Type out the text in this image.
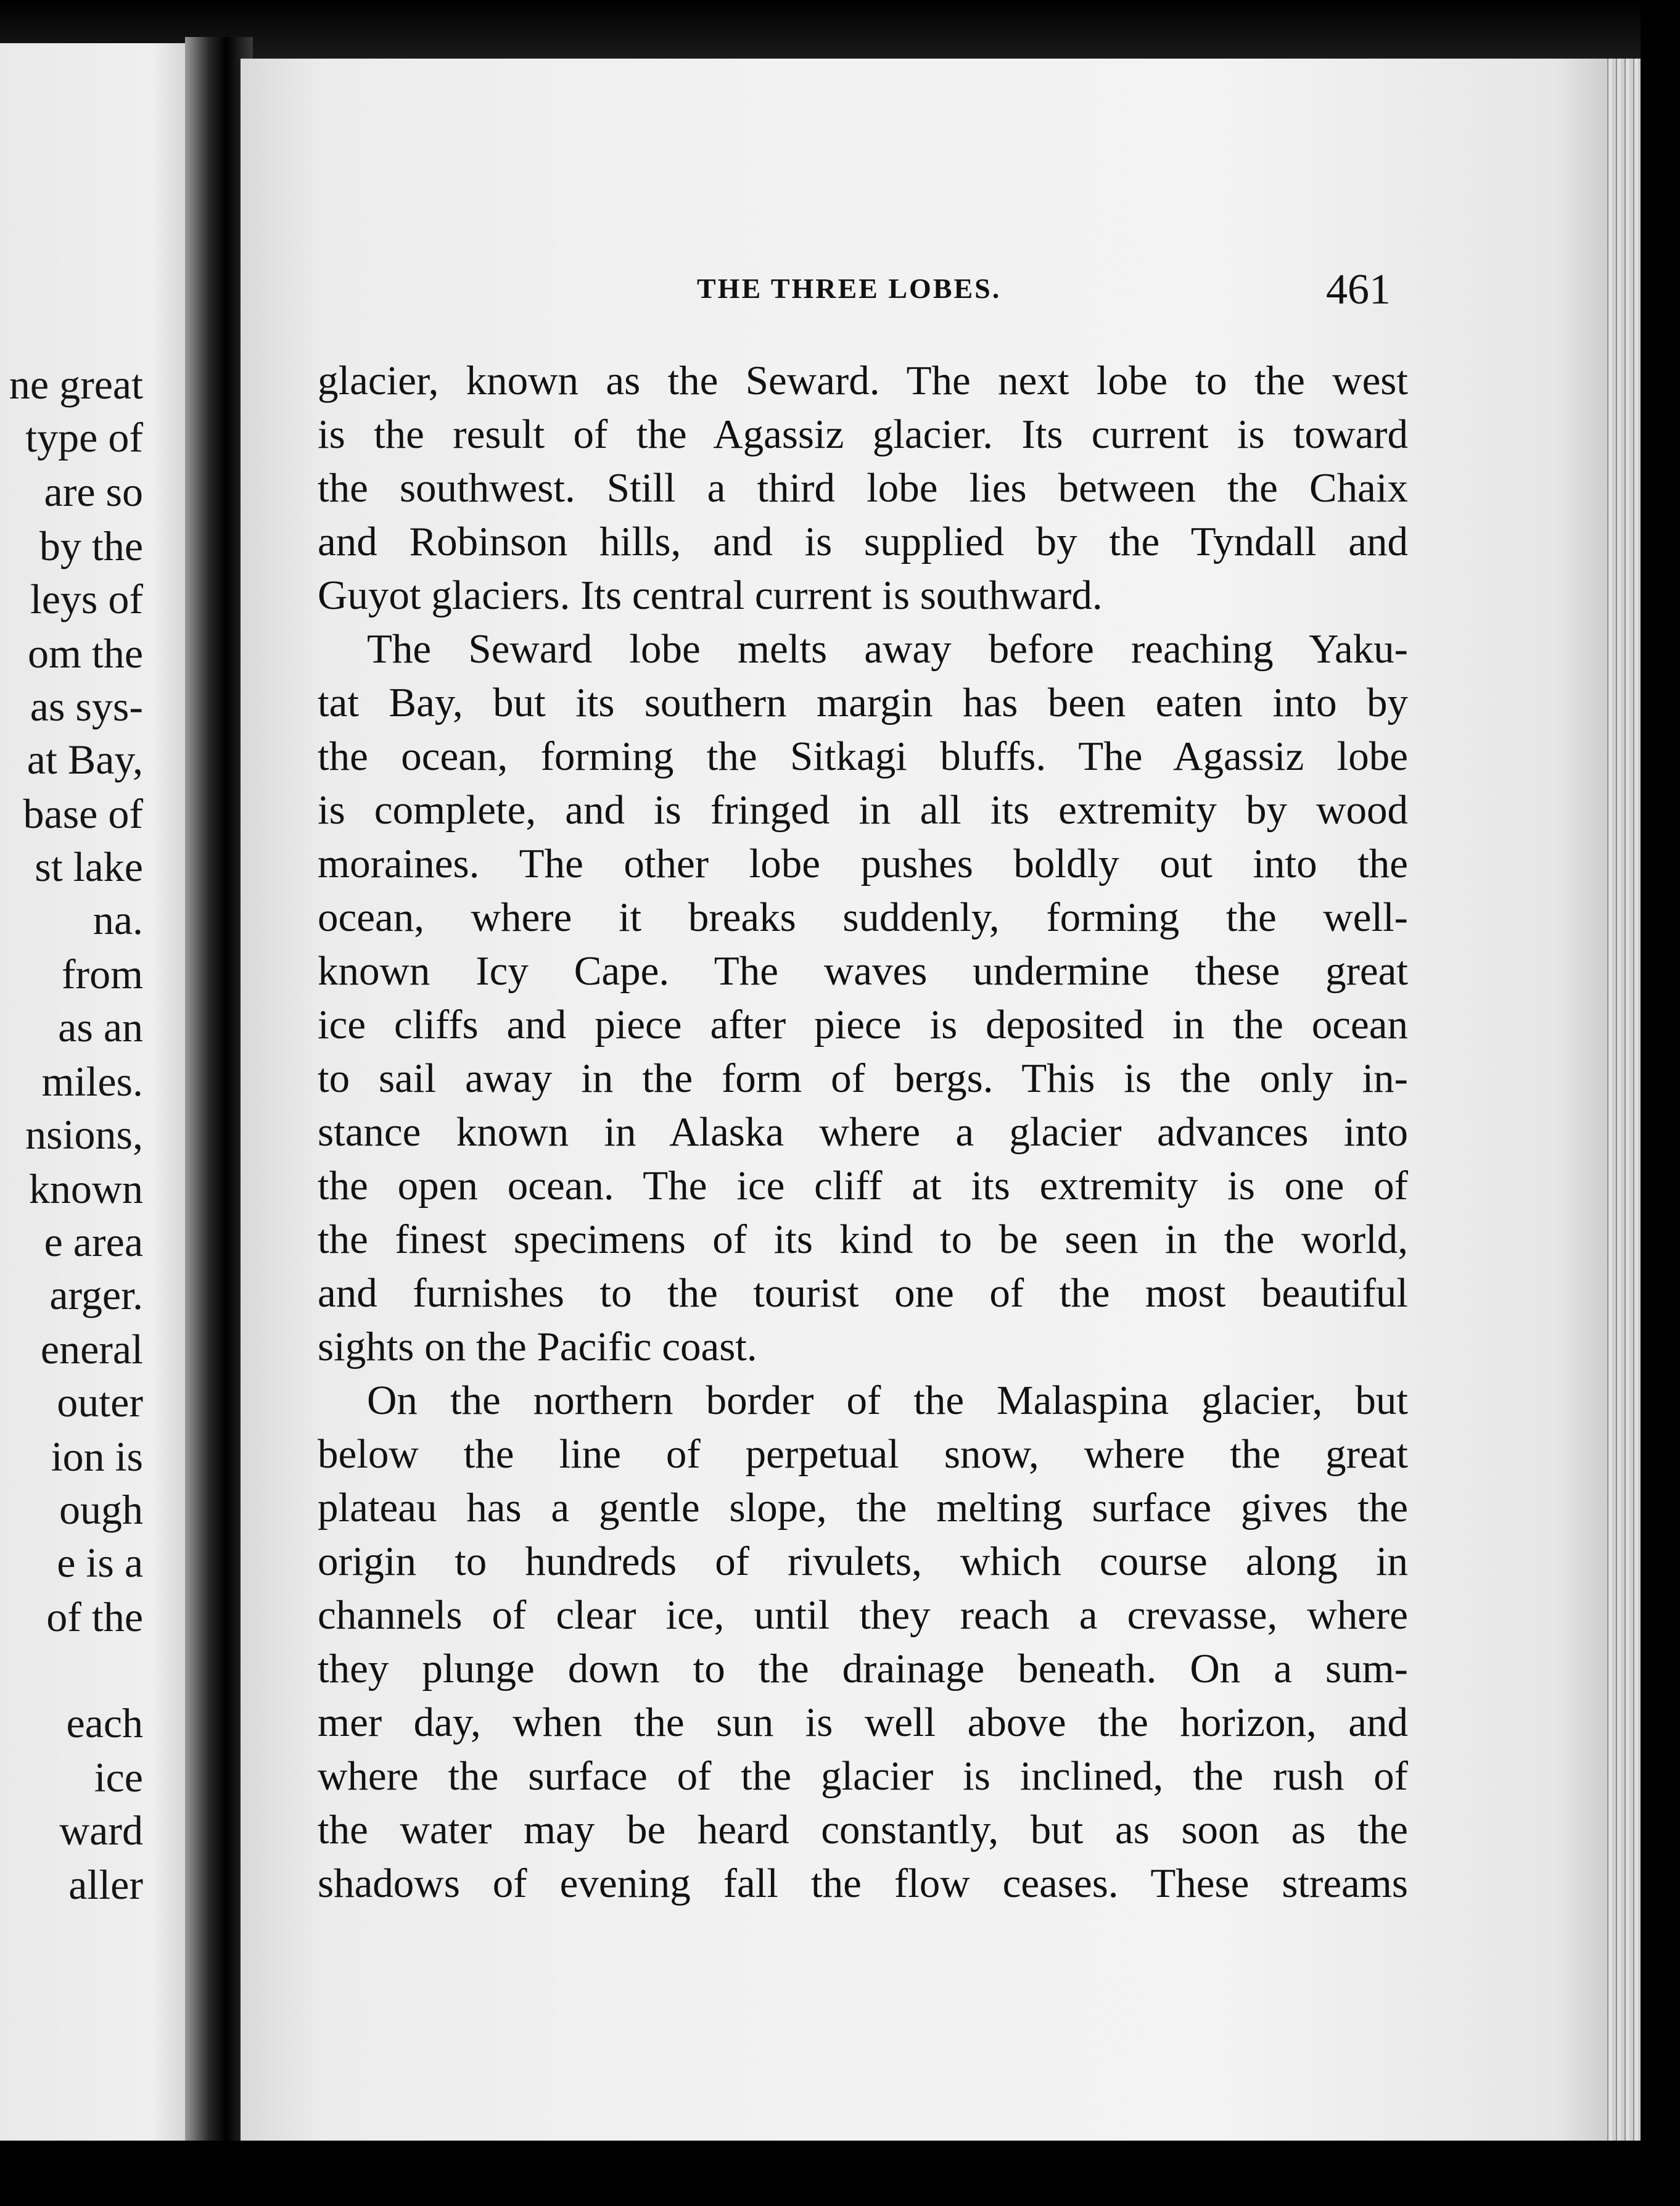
ne great
type of
are so
by the
leys of
om the
as sys-
at Bay,
base of
st lake
na.
from
as an
miles.
nsions,
known
e area
arger.
eneral
outer
ion is
ough
e is a
of the
each
ice
ward
aller
THE THREE LOBES.	461
glacier, known as the Seward. The next lobe to the west
is the result of the Agassiz glacier. Its current is toward
the southwest. Still a third lobe lies between the Chaix
and Robinson hills, and is supplied by the Tyndall and
Guyot glaciers. Its central current is southward.
The Seward lobe melts away before reaching Yaku-
tat Bay, but its southern margin has been eaten into by
the ocean, forming the Sitkagi bluffs. The Agassiz lobe
is complete, and is fringed in all its extremity by wood
moraines. The other lobe pushes boldly out into the
ocean, where it breaks suddenly, forming the well-
known Icy Cape. The waves undermine these great
ice cliffs and piece after piece is deposited in the ocean
to sail away in the form of bergs. This is the only in-
stance known in Alaska where a glacier advances into
the open ocean. The ice cliff at its extremity is one of
the finest specimens of its kind to be seen in the world,
and furnishes to the tourist one of the most beautiful
sights on the Pacific coast.
On the northern border of the Malaspina glacier, but
below the line of perpetual snow, where the great
plateau has a gentle slope, the melting surface gives the
origin to hundreds of rivulets, which course along in
channels of clear ice, until they reach a crevasse, where
they plunge down to the drainage beneath. On a sum-
mer day, when the sun is well above the horizon, and
where the surface of the glacier is inclined, the rush of
the water may be heard constantly, but as soon as the
shadows of evening fall the flow ceases. These streams
